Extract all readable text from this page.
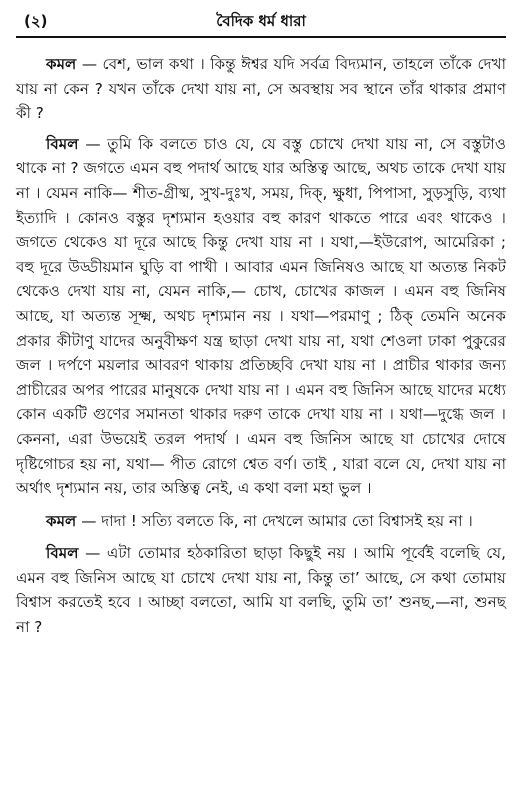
(২)	বৈদিক ধর্ম ধারা

কমল — বেশ, ভাল কথা । কিন্তু ঈশ্বর যদি সর্বত্র বিদ্যমান, তাহলে তাঁকে দেখা যায় না কেন ? যখন তাঁকে দেখা যায় না, সে অবস্থায় সব স্থানে তাঁর থাকার প্রমাণ কী ?

বিমল — তুমি কি বলতে চাও যে, যে বস্তু চোখে দেখা যায় না, সে বস্তুটাও থাকে না ? জগতে এমন বহু পদার্থ আছে যার অস্তিত্ব আছে, অথচ তাকে দেখা যায় না । যেমন নাকি— শীত-গ্রীষ্ম, সুখ-দুঃখ, সময়, দিক্, ক্ষুধা, পিপাসা, সুড়সুড়ি, ব্যথা ইত্যাদি । কোনও বস্তুর দৃশ্যমান হওয়ার বহু কারণ থাকতে পারে এবং থাকেও । জগতে থেকেও যা দূরে আছে কিন্তু দেখা যায় না । যথা,—ইউরোপ, আমেরিকা ; বহু দূরে উড্ডীয়মান ঘুড়ি বা পাখী । আবার এমন জিনিষও আছে যা অত্যন্ত নিকট থেকেও দেখা যায় না, যেমন নাকি,— চোখ, চোখের কাজল । এমন বহু জিনিষ আছে, যা অত্যন্ত সূক্ষ্ম, অথচ দৃশ্যমান নয় । যথা—পরমাণু ; ঠিক্ তেমনি অনেক প্রকার কীটাণু যাদের অনুবীক্ষণ যন্ত্র ছাড়া দেখা যায় না, যথা শেওলা ঢাকা পুকুরের জল । দর্পণে ময়লার আবরণ থাকায় প্রতিচ্ছবি দেখা যায় না । প্রাচীর থাকার জন্য প্রাচীরের অপর পারের মানুষকে দেখা যায় না । এমন বহু জিনিস আছে যাদের মধ্যে কোন একটি গুণের সমানতা থাকার দরুণ তাকে দেখা যায় না । যথা—দুগ্ধে জল । কেননা, এরা উভয়েই তরল পদার্থ । এমন বহু জিনিস আছে যা চোখের দোষে দৃষ্টিগোচর হয় না, যথা— পীত রোগে শ্বেত বর্ণ। তাই , যারা বলে যে, দেখা যায় না অর্থাৎ দৃশ্যমান নয়, তার অস্তিত্ব নেই, এ কথা বলা মহা ভুল ।

কমল — দাদা ! সত্যি বলতে কি, না দেখলে আমার তো বিশ্বাসই হয় না ।

বিমল — এটা তোমার হঠকারিতা ছাড়া কিছুই নয় । আমি পূর্বেই বলেছি যে, এমন বহু জিনিস আছে যা চোখে দেখা যায় না, কিন্তু তা’ আছে, সে কথা তোমায় বিশ্বাস করতেই হবে । আচ্ছা বলতো, আমি যা বলছি, তুমি তা’ শুনছ,—না, শুনছ না ?
